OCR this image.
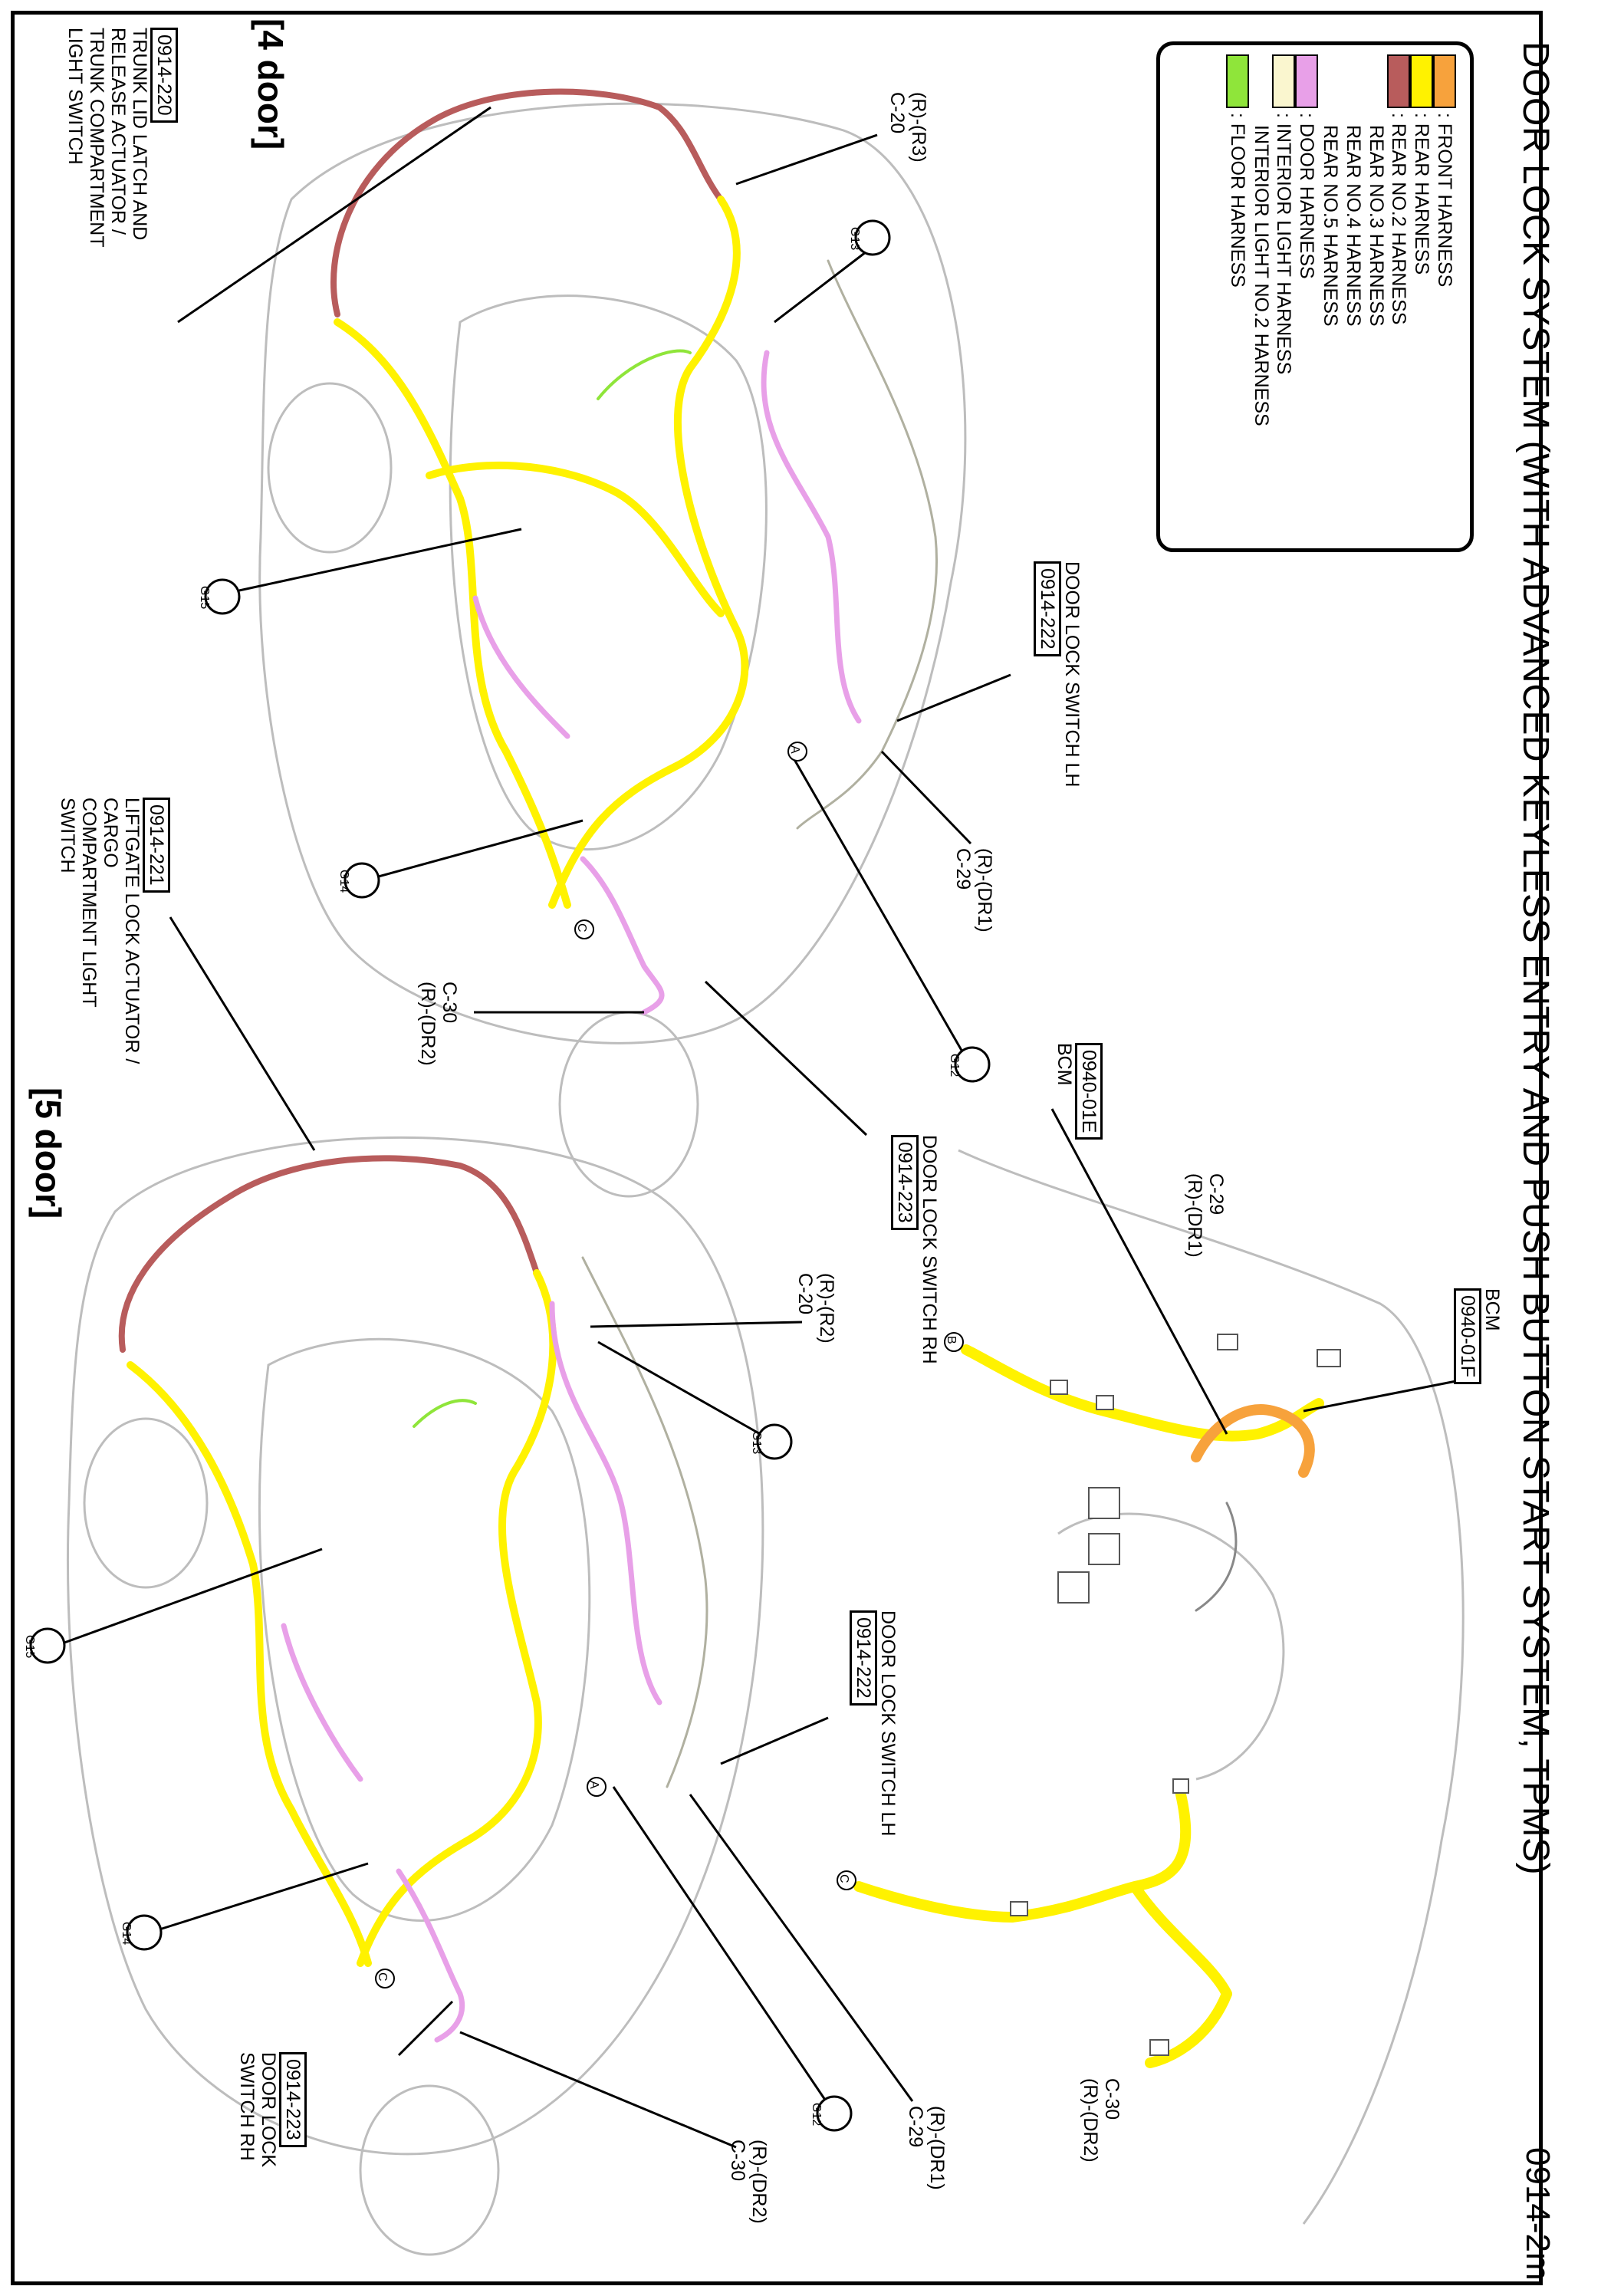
DOOR LOCK SYSTEM (WITH ADVANCED KEYLESS ENTRY AND PUSH BUTTON START SYSTEM, TPMS)
0914-2m
[4 door]
[5 door]
(R)-(R3)
C-20
G13
0914-220
TRUNK LID LATCH AND
RELEASE ACTUATOR /
TRUNK COMPARTMENT
LIGHT SWITCH
G15	DOOR LOCK SWITCH LH
0914-222
(R)-(DR1)
C-29
G14
G12
0914-221
LIFTGATE LOCK ACTUATOR /
CARGO
COMPARTMENT LIGHT
SWITCH
C-30
(R)-(DR2)
DOOR LOCK SWITCH RH
0914-223	C-29
(R)-(DR1)
0940-01E
BCM
BCM
0940-01F
C-30
(R)-(DR2)
(R)-(R2)
C-20
G13
G15	DOOR LOCK SWITCH LH
0914-222
G14
G12	(R)-(DR1)
C-29
0914-223
DOOR LOCK
SWITCH RH
(R)-(DR2)
C-30
A
C
B
A
C
C
: FRONT HARNESS
: REAR HARNESS
: REAR NO.2 HARNESS
REAR NO.3 HARNESS
REAR NO.4 HARNESS
REAR NO.5 HARNESS
: DOOR HARNESS
: INTERIOR LIGHT HARNESS
INTERIOR LIGHT NO.2 HARNESS
: FLOOR HARNESS
